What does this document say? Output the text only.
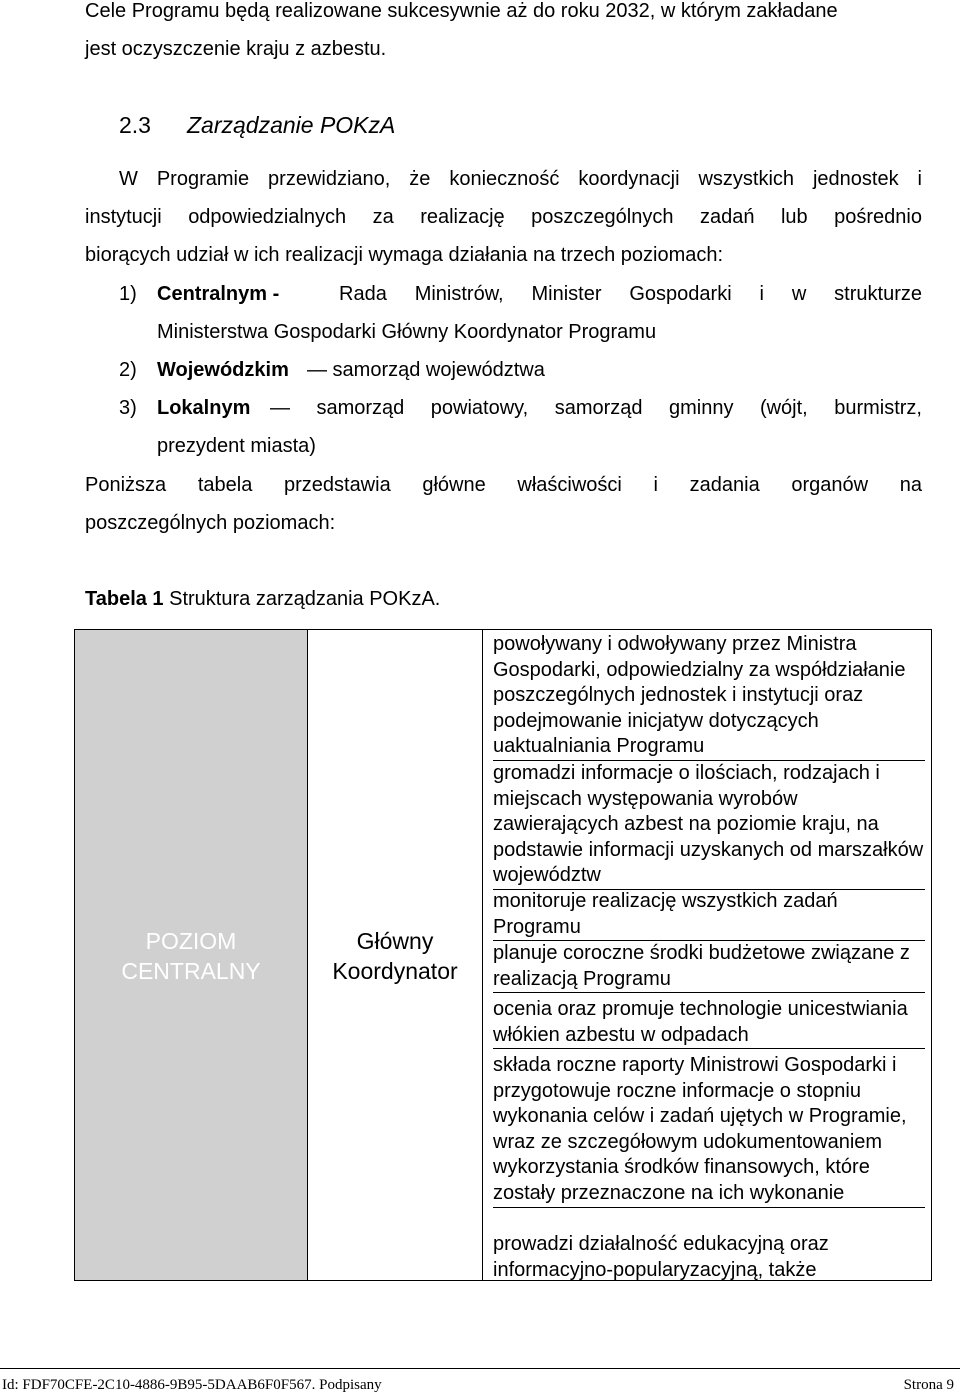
Cele Programu będą realizowane sukcesywnie aż do roku 2032, w którym zakładane

jest oczyszczenie kraju z azbestu.

2.3 Zarządzanie POKzA

W Programie przewidziano, że konieczność koordynacji wszystkich jednostek i

instytucji odpowiedzialnych za realizację poszczególnych zadań lub pośrednio

biorących udział w ich realizacji wymaga działania na trzech poziomach:

1) Centralnym -	Rada Ministrów, Minister Gospodarki i w strukturze

Ministerstwa Gospodarki Główny Koordynator Programu

2) Wojewódzkim — samorząd województwa

3) Lokalnym — samorząd powiatowy, samorząd gminny (wójt, burmistrz,

prezydent miasta)

Poniższa tabela przedstawia główne właściwości i zadania organów na

poszczególnych poziomach:

Tabela 1 Struktura zarządzania POKzA.
POZIOM
CENTRALNY
Główny
Koordynator
powoływany i odwoływany przez Ministra Gospodarki, odpowiedzialny za współdziałanie poszczególnych jednostek i instytucji oraz podejmowanie inicjatyw dotyczących uaktualniania Programu
gromadzi informacje o ilościach, rodzajach i miejscach występowania wyrobów zawierających azbest na poziomie kraju, na podstawie informacji uzyskanych od marszałków województw
monitoruje realizację wszystkich zadań Programu
planuje coroczne środki budżetowe związane z realizacją Programu
ocenia oraz promuje technologie unicestwiania włókien azbestu w odpadach
składa roczne raporty Ministrowi Gospodarki i przygotowuje roczne informacje o stopniu wykonania celów i zadań ujętych w Programie, wraz ze szczegółowym udokumentowaniem wykorzystania środków finansowych, które zostały przeznaczone na ich wykonanie
prowadzi działalność edukacyjną oraz informacyjno-popularyzacyjną, także
Id: FDF70CFE-2C10-4886-9B95-5DAAB6F0F567. Podpisany	Strona 9
